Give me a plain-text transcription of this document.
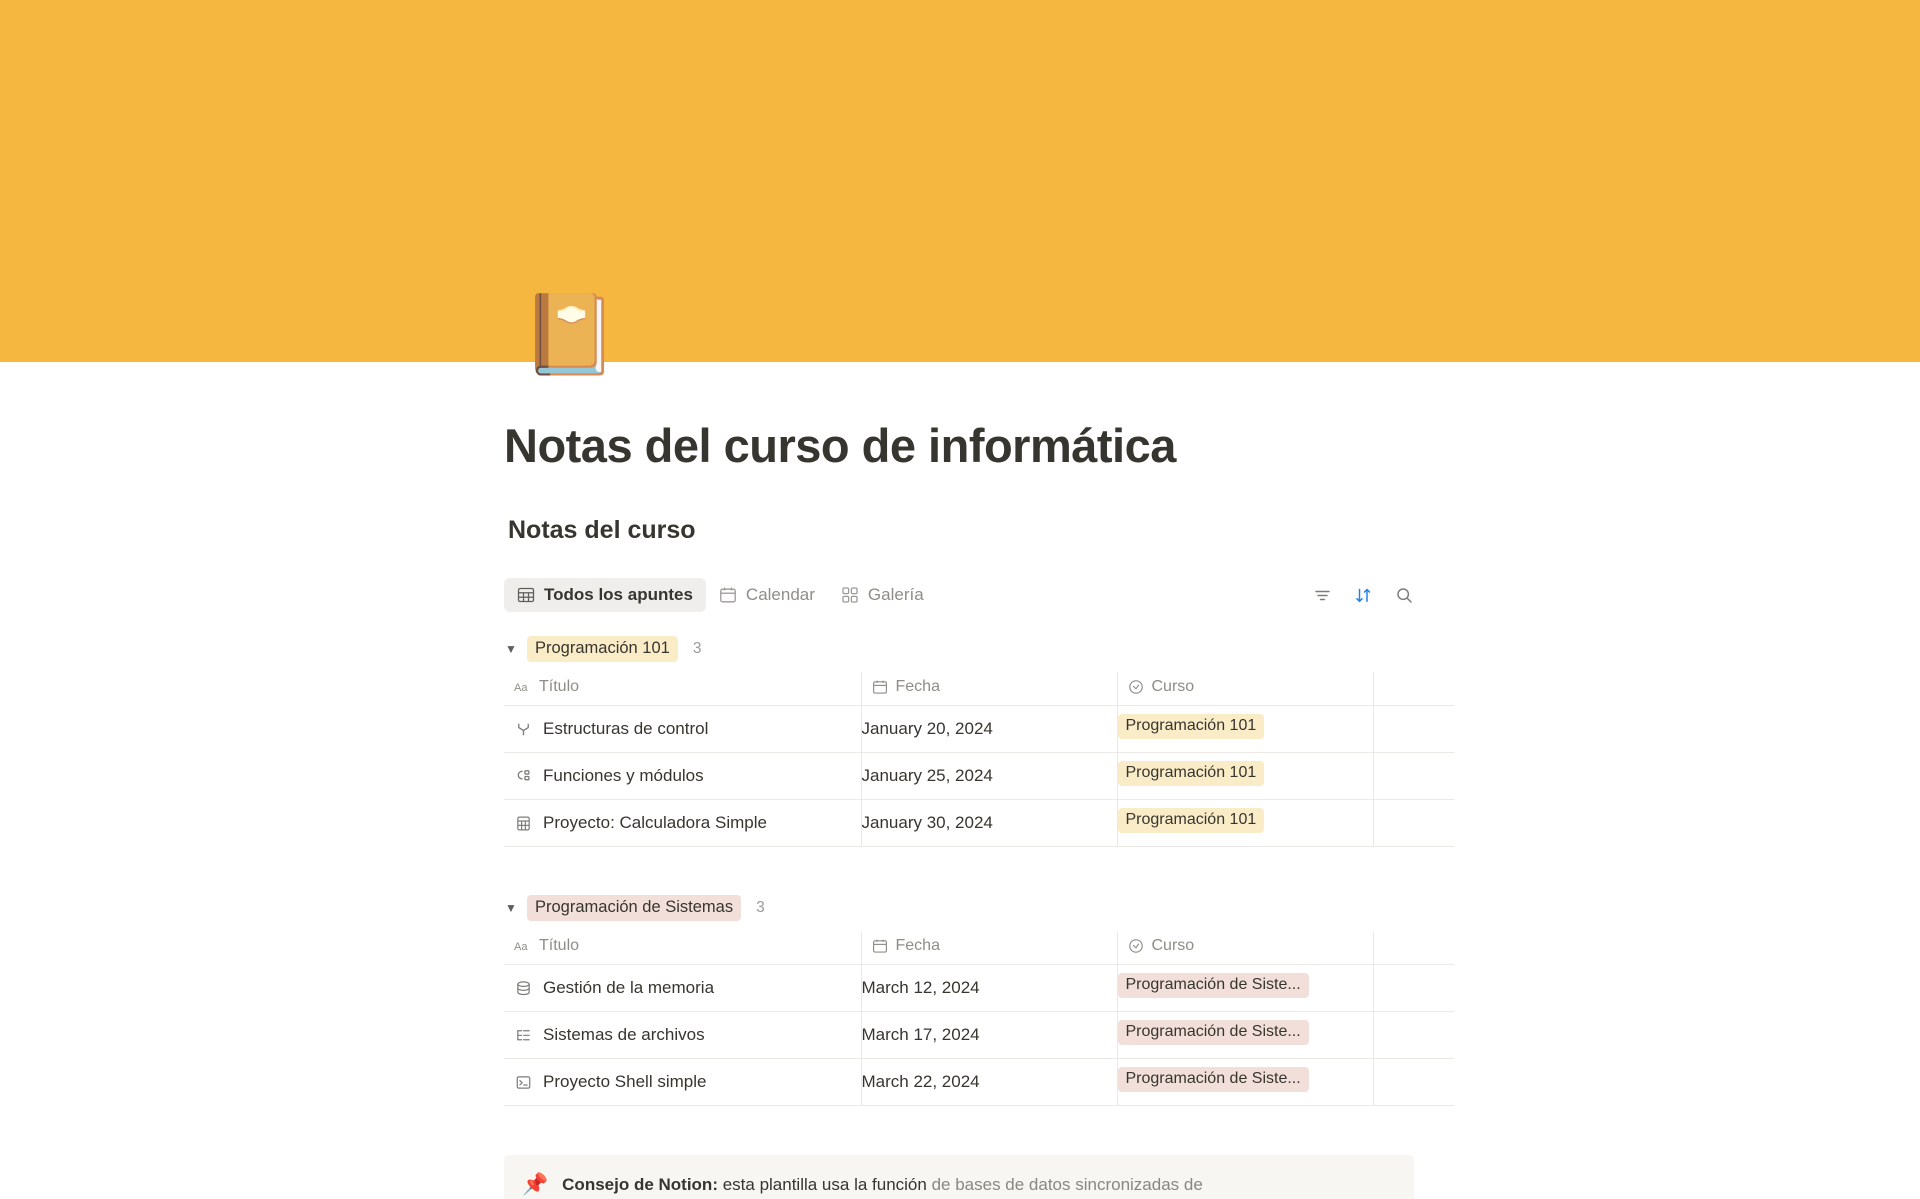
📔
Notas del curso de informática
Notas del curso
Todos los apuntes	Calendar	Galería
▼	Programación 101	3
Aa Título	Fecha	Curso	

Estructuras de control	January 20, 2024	Programación 101	

Funciones y módulos	January 25, 2024	Programación 101	

Proyecto: Calculadora Simple	January 30, 2024	Programación 101	
▼	Programación de Sistemas	3
Aa Título	Fecha	Curso	

Gestión de la memoria	March 12, 2024	Programación de Siste...	

Sistemas de archivos	March 17, 2024	Programación de Siste...	

Proyecto Shell simple	March 22, 2024	Programación de Siste...	
📌 Consejo de Notion: esta plantilla usa la función de bases de datos sincronizadas de
